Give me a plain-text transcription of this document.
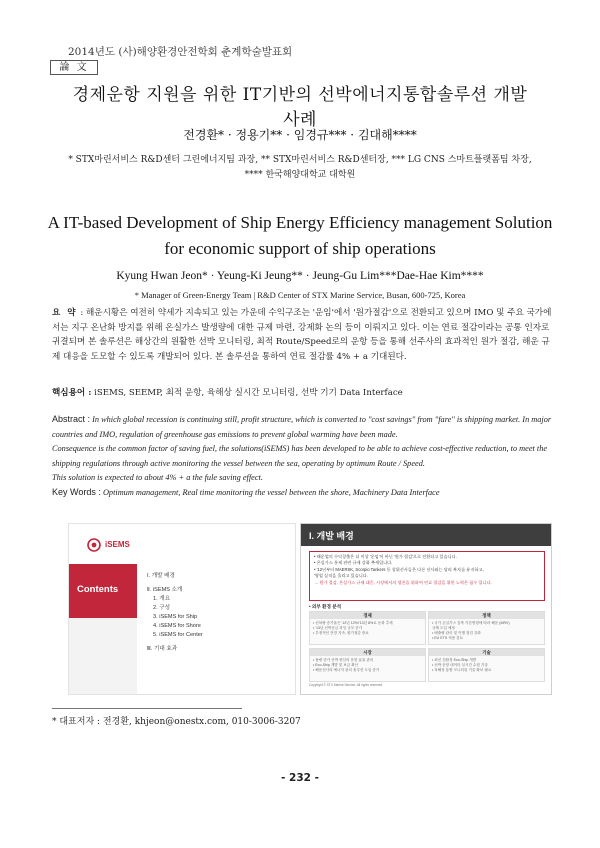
2014년도 (사)해양환경안전학회 춘계학술발표회
論 文
경제운항 지원을 위한 IT기반의 선박에너지통합솔루션 개발 사례
전경환* · 정용기** · 임경규*** · 김대해****
* STX마린서비스 R&D센터 그린에너지팀 과장, ** STX마린서비스 R&D센터장, *** LG CNS 스마트플랫폼팀 차장,
**** 한국해양대학교 대학원
A IT-based Development of Ship Energy Efficiency management Solution
for economic support of ship operations
Kyung Hwan Jeon* · Yeung-Ki Jeung** · Jeung-Gu Lim***Dae-Hae Kim****
* Manager of Green-Energy Team | R&D Center of STX Marine Service, Busan, 600-725, Korea
요 약 : 해운시황은 여전히 약세가 지속되고 있는 가운데 수익구조는 '운임'에서 '원가절감'으로 전환되고 있으며 IMO 및 주요 국가에서는 지구 온난화 방지를 위해 온실가스 발생량에 대한 규제 마련, 강제화 논의 등이 이뤄지고 있다. 이는 연료 절감이라는 공통 인자로 귀결되며 본 솔루션은 해상간의 원활한 선박 모니터링, 최적 Route/Speed로의 운항 등을 통해 선주사의 효과적인 원가 절감, 해운 규제 대응을 도모할 수 있도록 개발되어 있다. 본 솔루션을 통하여 연료 절감률 4% + a 기대된다.
핵심용어 : iSEMS, SEEMP, 최적 운항, 육해상 실시간 모니터링, 선박 기기 Data Interface
Abstract : In which global recession is continuing still, profit structure, which is converted to "cost savings" from "fare" is shipping market. In major countries and IMO, regulation of greenhouse gas emissions to prevent global warming have been made.
Consequence is the common factor of saving fuel, the solutions(iSEMS) has been developed to be able to achieve cost-effective reduction, to meet the shipping regulations through active monitoring the vessel between the sea, operating by optimum Route / Speed.
This solution is expected to about 4% + a the fule saving effect.
Key Words : Optimum management, Real time monitoring the vessel between the shore, Machinery Data Interface
iSEMS
Contents
Ⅰ. 개발 배경
Ⅱ. iSEMS 소개
1. 개요
2. 구성
3. iSEMS for Ship
4. iSEMS for Shore
5. iSEMS for Center
Ⅲ. 기대 효과
I. 개발 배경
• 해운업의 수익창출은 더 이상 '운임'이 아닌 '원가 절감'으로 전환되고 있습니다.
• 온실가스 통제 관련 규제 강화 추세입니다.
• '12년부터 MAERSK, Scorpio Tankers 등 상위선사들은 다른 선사와는 달리 흑자를 유지하고,
'영업 실적을 올리고 있습니다.
→ 원가 절감, 온실가스 규제 대응, 시장에서의 생존을 위하여 연료 절감을 위한 노력은 필수 입니다.
• 외부 환경 분석
경제
• 선복량 증가율은 '12년 12%/'13년 8%로 둔화 추세
• '13년 선박공급 과잉 규모 증가
• 부정적인 전망 지속, 원가절감 중요
정책
• 국가 온실가스 감축 기본방향에 따라 해운 (MRV)
규제 도입 예정
• 배출량 관리 및 이행 점검 강화
• EU ETS 적용 검토
시장
• 용량 증가 선박 중심의 운항 효율 관리
• Eco-Ship 개발 및 보급 확산
• 해운선사의 에너지 관리 솔루션 도입 증가
기술
• 최신 친환경 Eco-Ship 개발
• 선박 운항 데이터 실시간 수집 기술
• 육해상 통합 모니터링 기술 확보 필요
Copyright © STX Marine Service. All rights reserved.
* 대표저자 : 전경환, khjeon@onestx.com, 010-3006-3207
- 232 -
